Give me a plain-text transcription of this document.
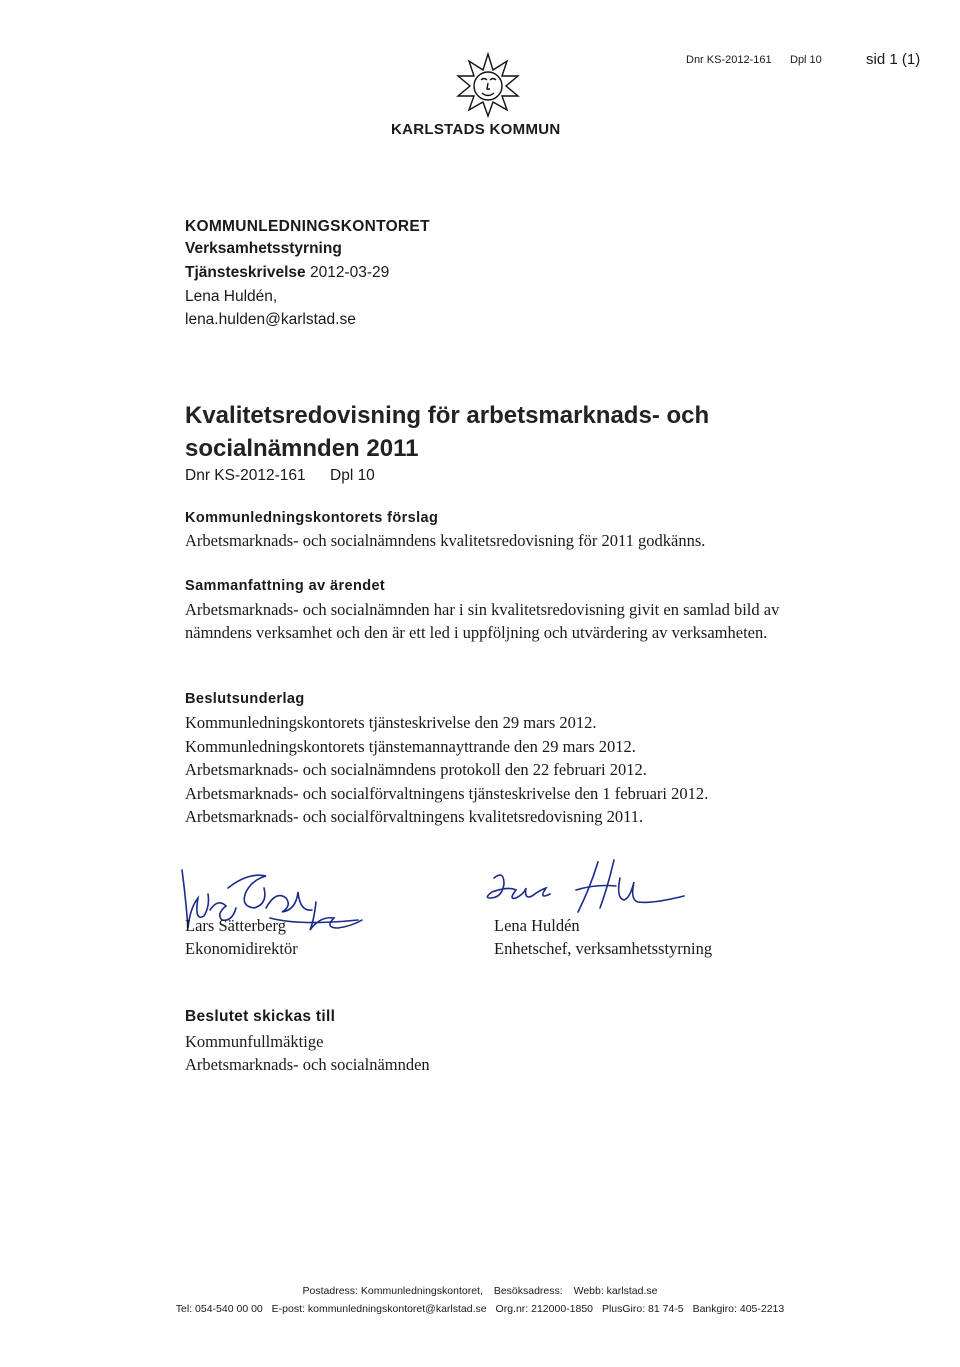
Dnr KS-2012-161 Dpl 10	sid 1 (1)
KARLSTADS KOMMUN
KOMMUNLEDNINGSKONTORET
Verksamhetsstyrning
Tjänsteskrivelse 2012-03-29
Lena Huldén,
lena.hulden@karlstad.se
Kvalitetsredovisning för arbetsmarknads- och
socialnämnden 2011
Dnr KS-2012-161 Dpl 10
Kommunledningskontorets förslag
Arbetsmarknads- och socialnämndens kvalitetsredovisning för 2011 godkänns.
Sammanfattning av ärendet
Arbetsmarknads- och socialnämnden har i sin kvalitetsredovisning givit en samlad bild av nämndens verksamhet och den är ett led i uppföljning och utvärdering av verksamheten.
Beslutsunderlag
Kommunledningskontorets tjänsteskrivelse den 29 mars 2012.
Kommunledningskontorets tjänstemannayttrande den 29 mars 2012.
Arbetsmarknads- och socialnämndens protokoll den 22 februari 2012.
Arbetsmarknads- och socialförvaltningens tjänsteskrivelse den 1 februari 2012.
Arbetsmarknads- och socialförvaltningens kvalitetsredovisning 2011.
Lars Sätterberg
Ekonomidirektör
Lena Huldén
Enhetschef, verksamhetsstyrning
Beslutet skickas till
Kommunfullmäktige
Arbetsmarknads- och socialnämnden
Postadress: Kommunledningskontoret, Besöksadress: Webb: karlstad.se
Tel: 054-540 00 00 E-post: kommunledningskontoret@karlstad.se Org.nr: 212000-1850 PlusGiro: 81 74-5 Bankgiro: 405-2213
